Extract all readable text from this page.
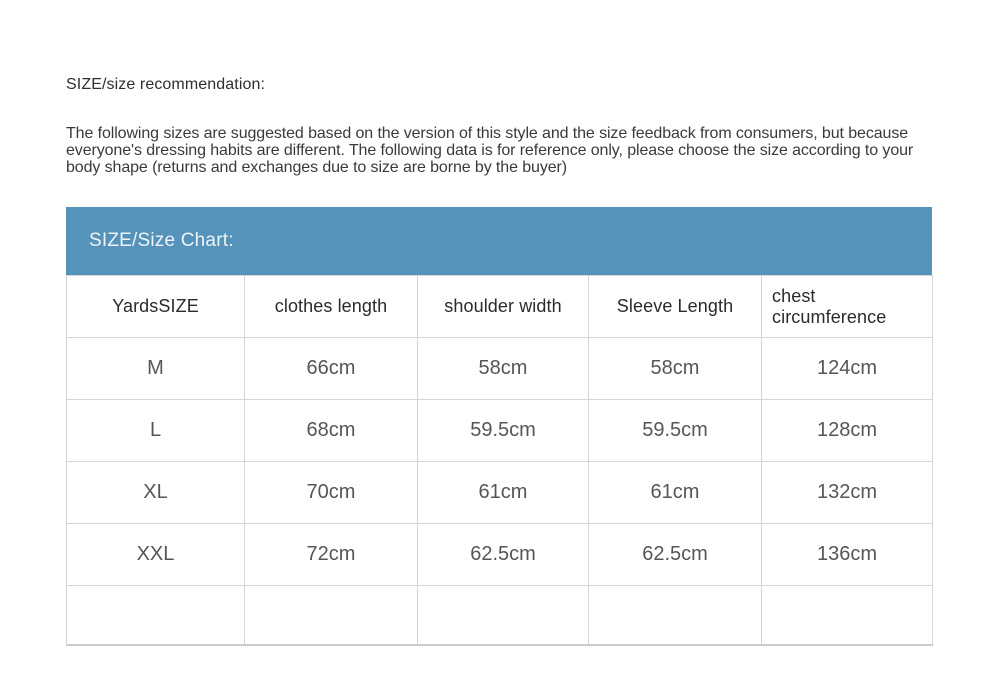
SIZE/size recommendation:
The following sizes are suggested based on the version of this style and the size feedback from consumers, but because everyone's dressing habits are different. The following data is for reference only, please choose the size according to your body shape (returns and exchanges due to size are borne by the buyer)
SIZE/Size Chart:
YardsSIZE	clothes length	shoulder width	Sleeve Length	chest circumference
M	66cm	58cm	58cm	124cm
L	68cm	59.5cm	59.5cm	128cm
XL	70cm	61cm	61cm	132cm
XXL	72cm	62.5cm	62.5cm	136cm
